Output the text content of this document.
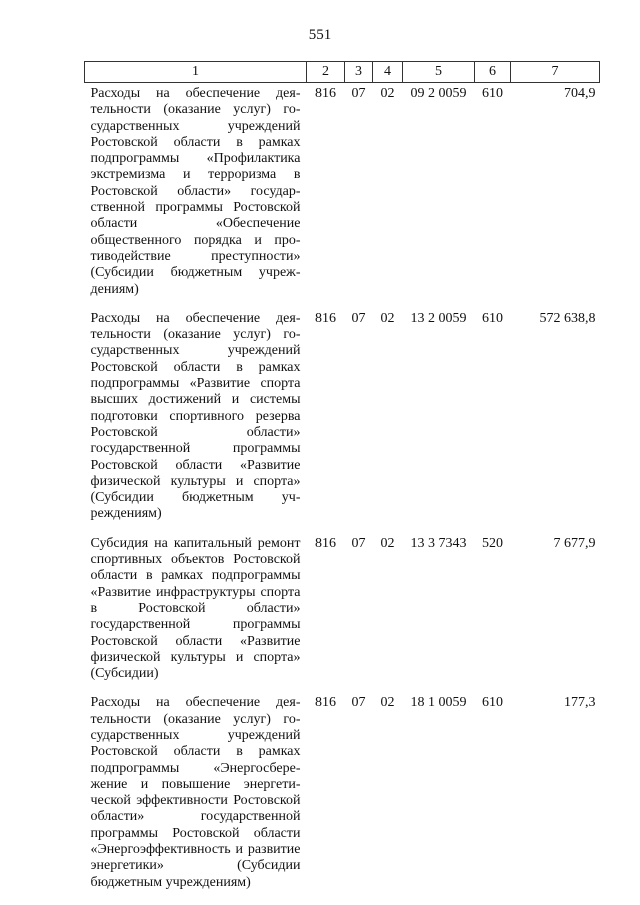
551
1	2	3	4	5	6	7
Расходы на обеспечение деятельности (оказание услуг) государственных учреждений Ростовской области в рамках подпрограммы «Профилактика экстремизма и терроризма в Ростовской области» государственной программы Ростовской области «Обеспечение общественного порядка и противодействие преступности» (Субсидии бюджетным учреждениям)	816	07	02	09 2 0059	610	704,9
Расходы на обеспечение деятельности (оказание услуг) государственных учреждений Ростовской области в рамках подпрограммы «Развитие спорта высших достижений и системы подготовки спортивного резерва Ростовской области» государственной программы Ростовской области «Развитие физической культуры и спорта» (Субсидии бюджетным учреждениям)	816	07	02	13 2 0059	610	572 638,8
Субсидия на капитальный ремонт спортивных объектов Ростовской области в рамках подпрограммы «Развитие инфраструктуры спорта в Ростовской области» государственной программы Ростовской области «Развитие физической культуры и спорта» (Субсидии)	816	07	02	13 3 7343	520	7 677,9
Расходы на обеспечение деятельности (оказание услуг) государственных учреждений Ростовской области в рамках подпрограммы «Энергосбережение и повышение энергетической эффективности Ростовской области» государственной программы Ростовской области «Энергоэффективность и развитие энергетики» (Субсидии бюджетным учреждениям)	816	07	02	18 1 0059	610	177,3
